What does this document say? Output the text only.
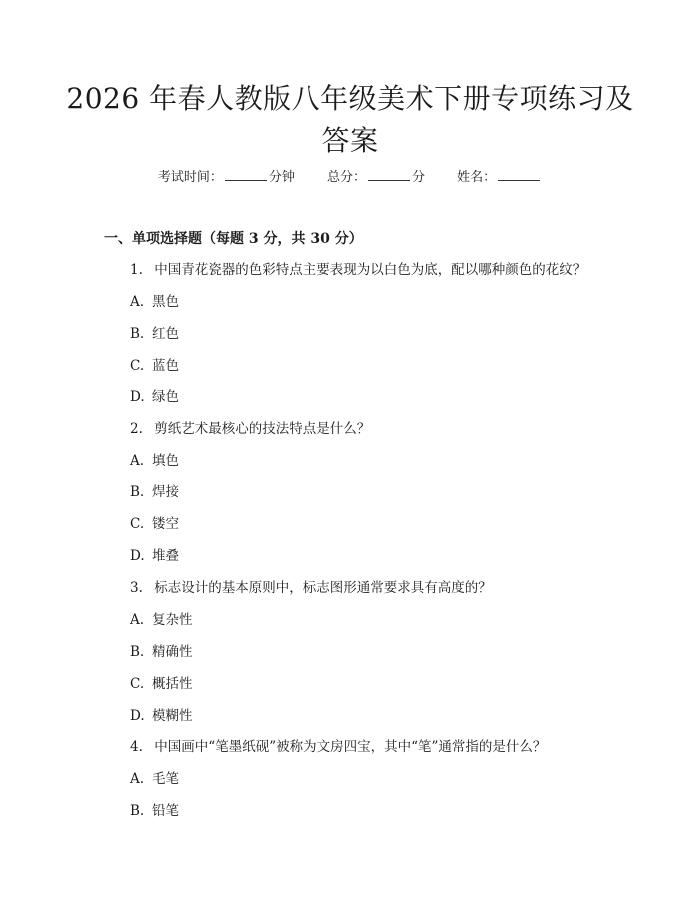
2026 年春人教版八年级美术下册专项练习及答案
考试时间：	分钟 总分：	分 姓名：
一、单项选择题（每题 3 分，共 30 分）
1. 中国青花瓷器的色彩特点主要表现为以白色为底，配以哪种颜色的花纹？
A. 黑色
B. 红色
C. 蓝色
D. 绿色
2. 剪纸艺术最核心的技法特点是什么？
A. 填色
B. 焊接
C. 镂空
D. 堆叠
3. 标志设计的基本原则中，标志图形通常要求具有高度的？
A. 复杂性
B. 精确性
C. 概括性
D. 模糊性
4. 中国画中“笔墨纸砚”被称为文房四宝，其中“笔”通常指的是什么？
A. 毛笔
B. 铅笔
